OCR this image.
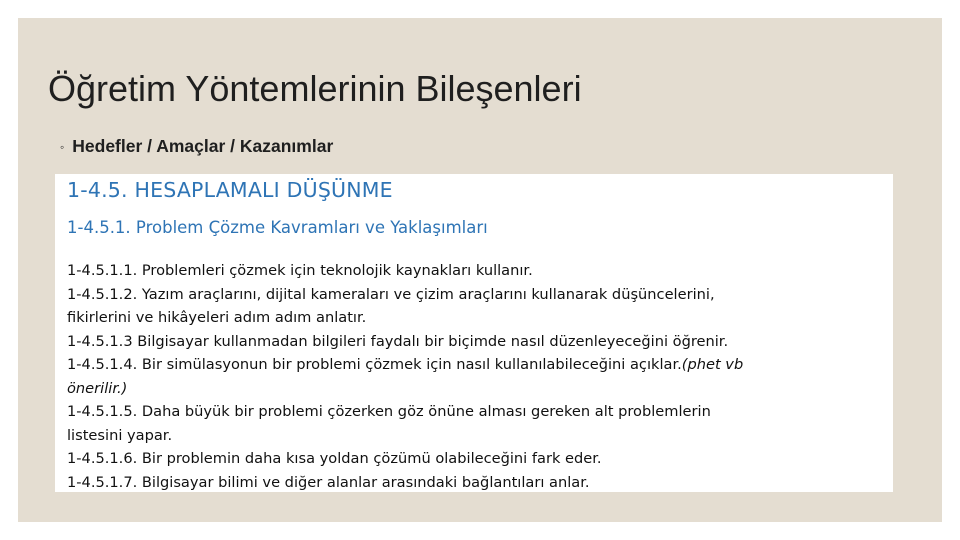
Öğretim Yöntemlerinin Bileşenleri
◦ Hedefler / Amaçlar / Kazanımlar
1-4.5. HESAPLAMALI DÜŞÜNME
1-4.5.1. Problem Çözme Kavramları ve Yaklaşımları
1-4.5.1.1. Problemleri çözmek için teknolojik kaynakları kullanır.
1-4.5.1.2. Yazım araçlarını, dijital kameraları ve çizim araçlarını kullanarak düşüncelerini,
fikirlerini ve hikâyeleri adım adım anlatır.
1-4.5.1.3 Bilgisayar kullanmadan bilgileri faydalı bir biçimde nasıl düzenleyeceğini öğrenir.
1-4.5.1.4. Bir simülasyonun bir problemi çözmek için nasıl kullanılabileceğini açıklar.(phet vb
önerilir.)
1-4.5.1.5. Daha büyük bir problemi çözerken göz önüne alması gereken alt problemlerin
listesini yapar.
1-4.5.1.6. Bir problemin daha kısa yoldan çözümü olabileceğini fark eder.
1-4.5.1.7. Bilgisayar bilimi ve diğer alanlar arasındaki bağlantıları anlar.
